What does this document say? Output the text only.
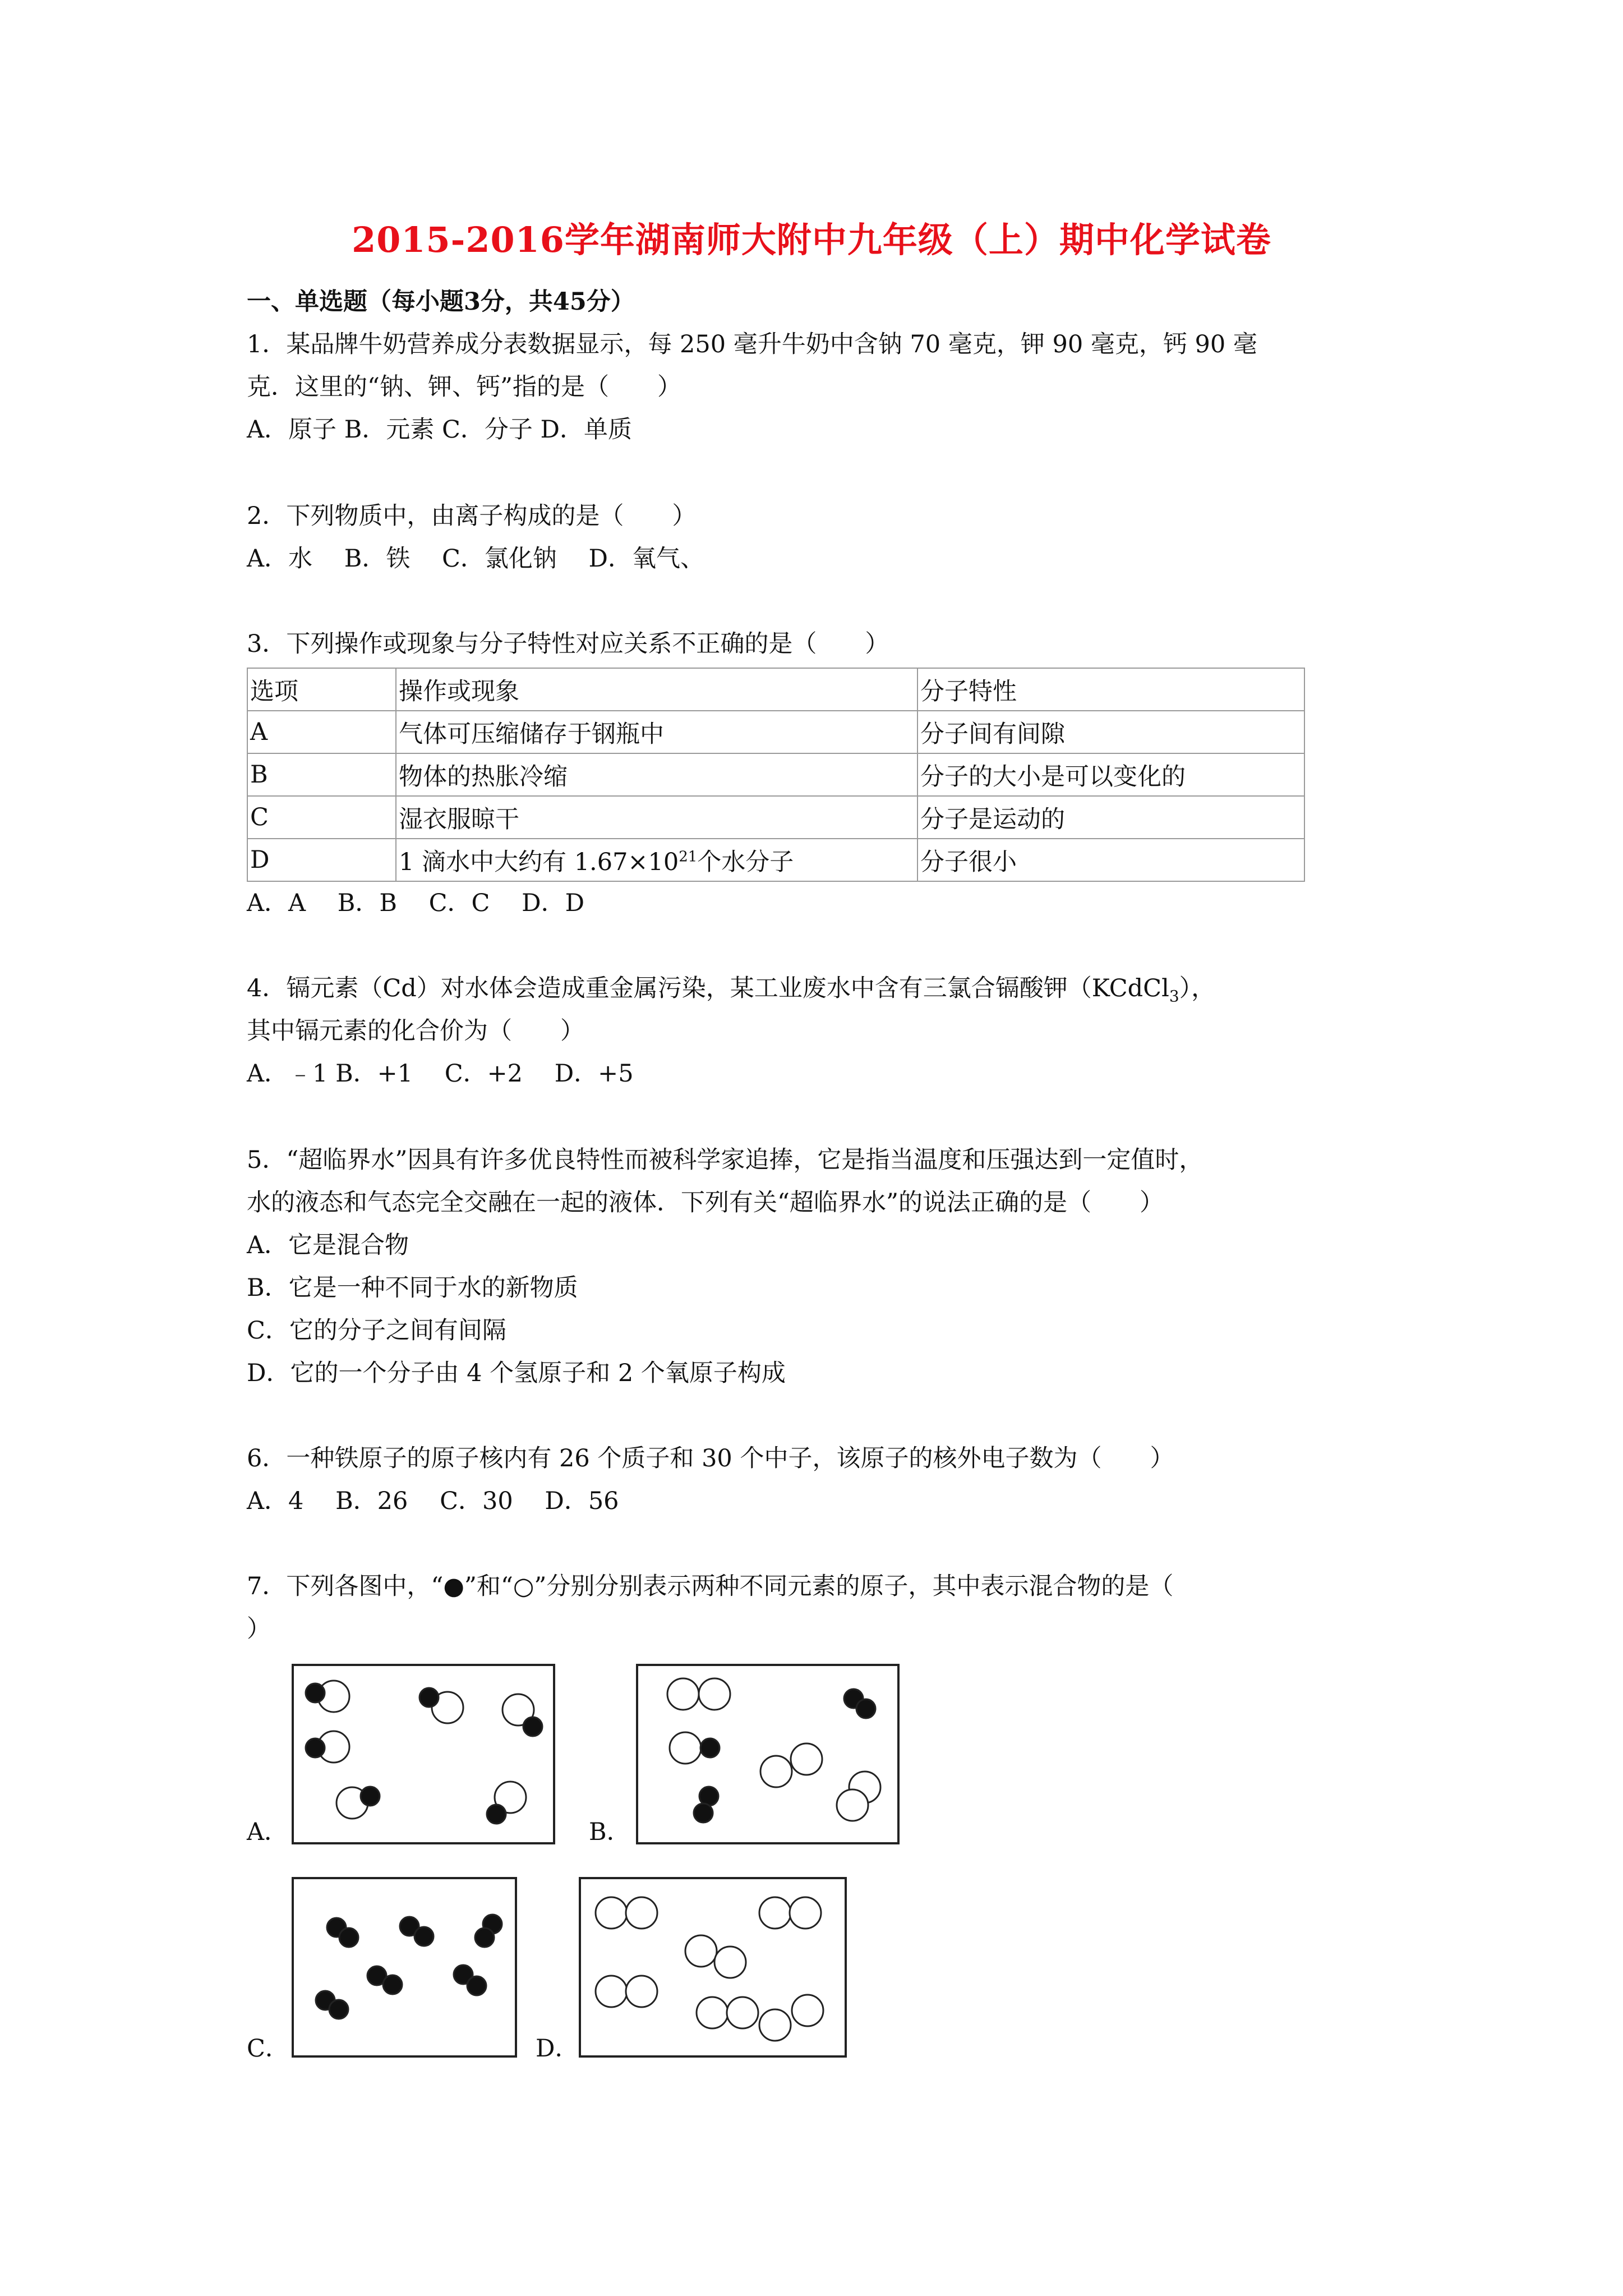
2015-2016学年湖南师大附中九年级（上）期中化学试卷
一、单选题（每小题3分，共45分）
1．某品牌牛奶营养成分表数据显示，每 250 毫升牛奶中含钠 70 毫克，钾 90 毫克，钙 90 毫
克．这里的“钠、钾、钙”指的是（　　）
A．原子 B．元素 C．分子 D．单质
2．下列物质中，由离子构成的是（　　）
A．水　 B．铁　 C．氯化钠　 D．氧气、
3．下列操作或现象与分子特性对应关系不正确的是（　　）
选项	操作或现象	分子特性
A	气体可压缩储存于钢瓶中	分子间有间隙
B	物体的热胀冷缩	分子的大小是可以变化的
C	湿衣服晾干	分子是运动的
D	1 滴水中大约有 $1.67\times 10^{21}$个水分子	分子很小
A．A　 B．B　 C．C　 D．D
4．镉元素（Cd）对水体会造成重金属污染，某工业废水中含有三氯合镉酸钾（KCdCl$_3$），
其中镉元素的化合价为（　　）
A．﹣1 B．+1　 C．+2　 D．+5
5．“超临界水”因具有许多优良特性而被科学家追捧，它是指当温度和压强达到一定值时，
水的液态和气态完全交融在一起的液体．下列有关“超临界水”的说法正确的是（　　）
A．它是混合物
B．它是一种不同于水的新物质
C．它的分子之间有间隔
D．它的一个分子由 4 个氢原子和 2 个氧原子构成
6．一种铁原子的原子核内有 26 个质子和 30 个中子，该原子的核外电子数为（　　）
A．4　 B．26　 C．30　 D．56
7．下列各图中，“●”和“○”分别分别表示两种不同元素的原子，其中表示混合物的是（
）
A．	B．
C．	D．
